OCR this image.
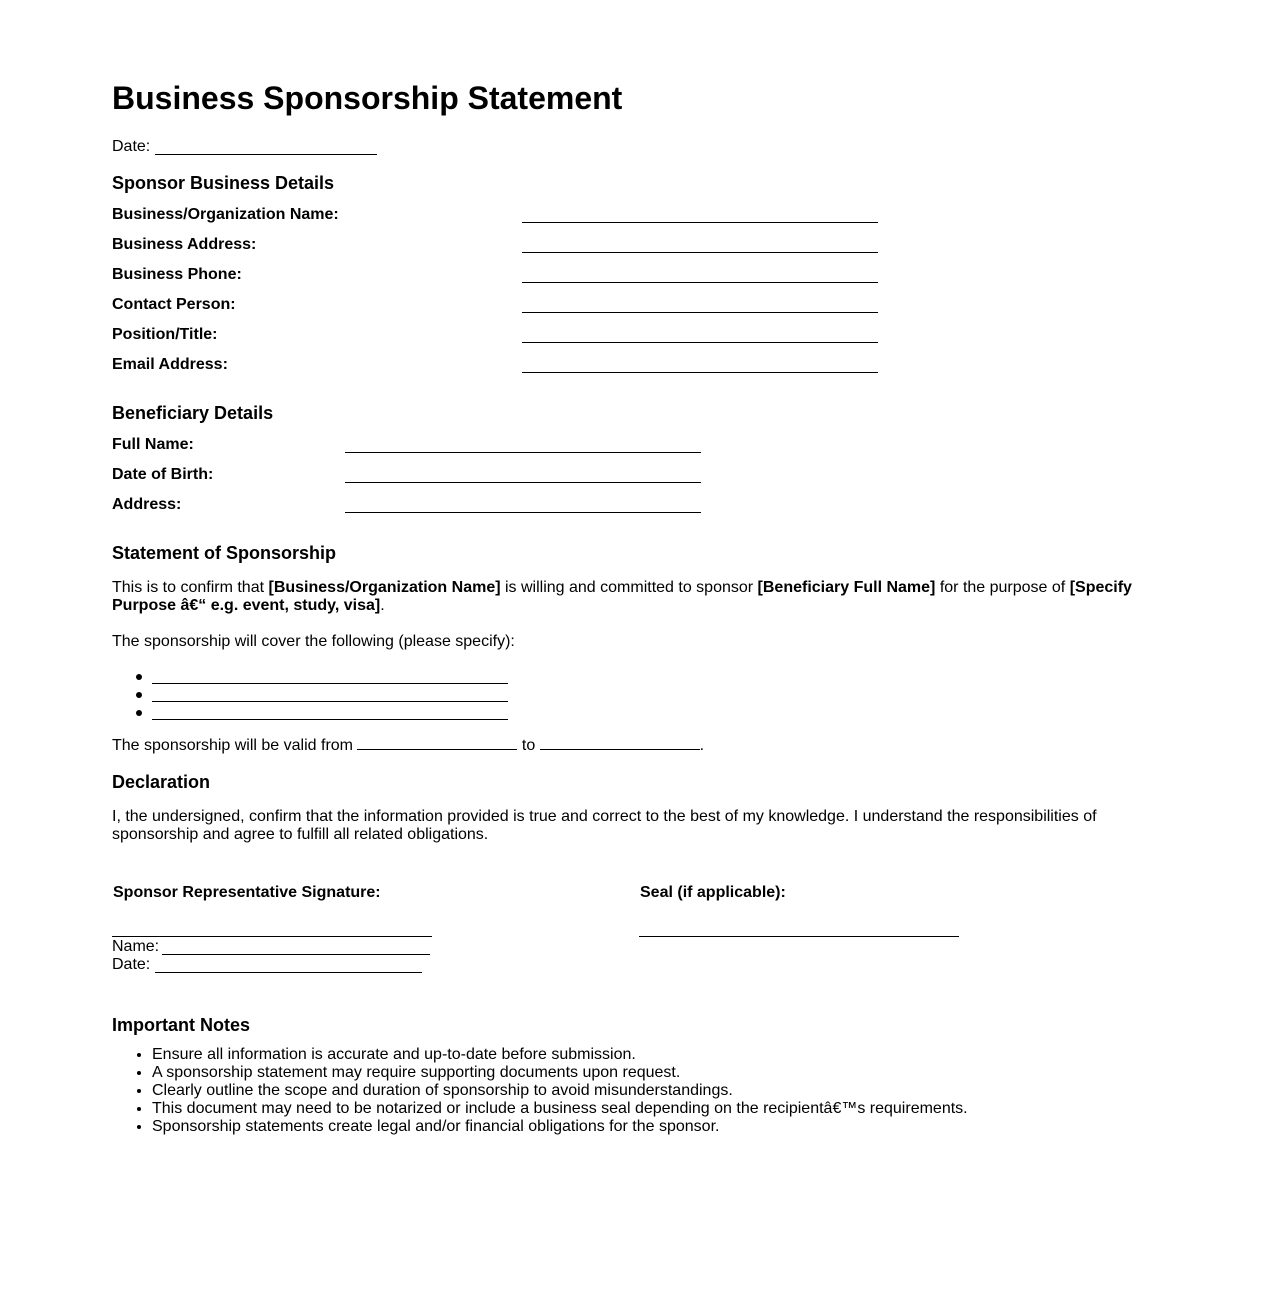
Business Sponsorship Statement
Date:
Sponsor Business Details
Business/Organization Name:
Business Address:
Business Phone:
Contact Person:
Position/Title:
Email Address:
Beneficiary Details
Full Name:
Date of Birth:
Address:
Statement of Sponsorship
This is to confirm that [Business/Organization Name] is willing and committed to sponsor [Beneficiary Full Name] for the purpose of [Specify Purpose â€“ e.g. event, study, visa].
The sponsorship will cover the following (please specify):
The sponsorship will be valid from	to	.
Declaration
I, the undersigned, confirm that the information provided is true and correct to the best of my knowledge. I understand the responsibilities of sponsorship and agree to fulfill all related obligations.
Sponsor Representative Signature:	Seal (if applicable):
Name:
Date:
Important Notes
• Ensure all information is accurate and up-to-date before submission.
• A sponsorship statement may require supporting documents upon request.
• Clearly outline the scope and duration of sponsorship to avoid misunderstandings.
• This document may need to be notarized or include a business seal depending on the recipientâ€™s requirements.
• Sponsorship statements create legal and/or financial obligations for the sponsor.
